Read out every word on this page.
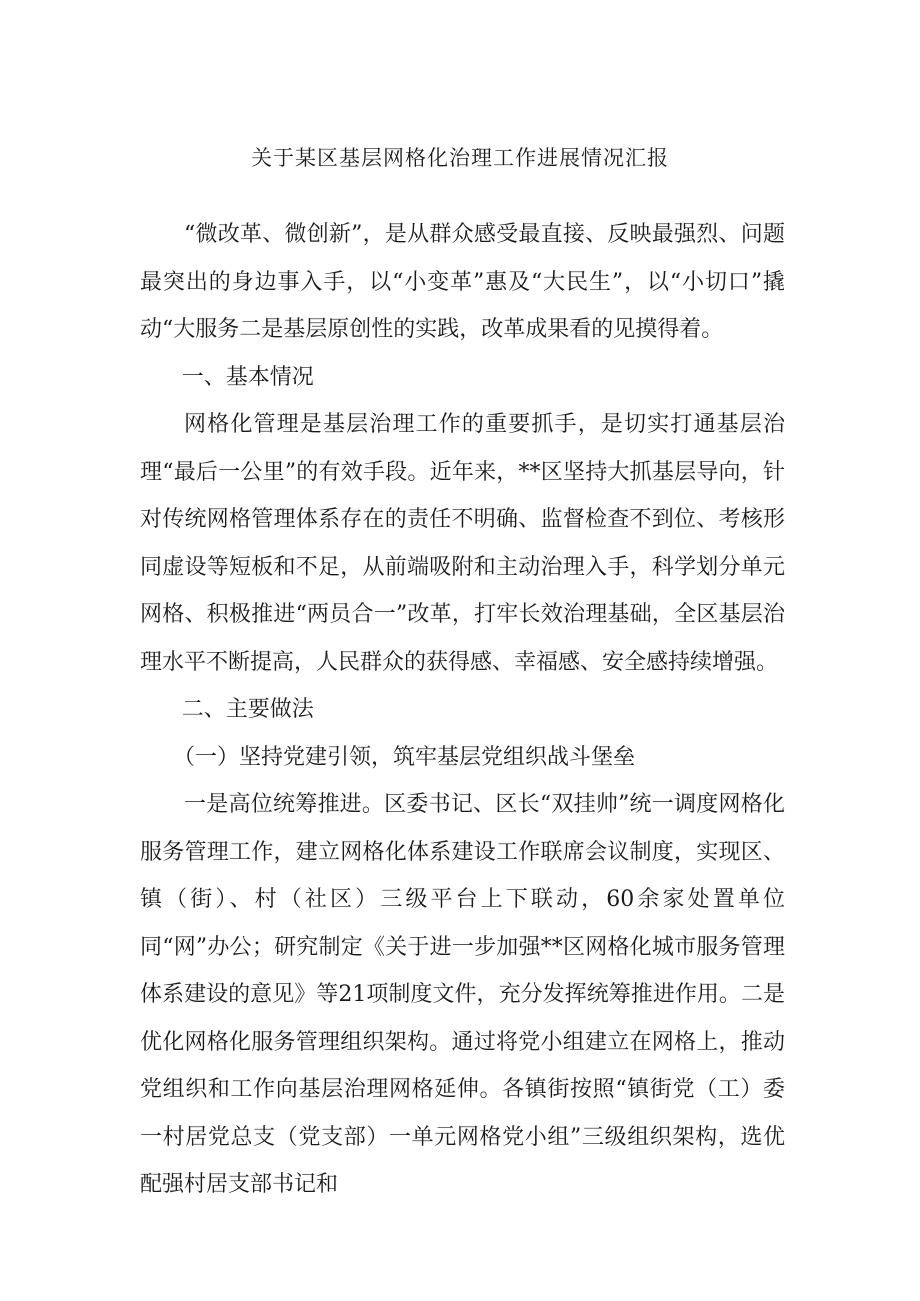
关于某区基层网格化治理工作进展情况汇报

“微改革、微创新”，是从群众感受最直接、反映最强烈、问题最突出的身边事入手，以“小变革”惠及“大民生”，以“小切口”撬动“大服务二是基层原创性的实践，改革成果看的见摸得着。

一、基本情况

网格化管理是基层治理工作的重要抓手，是切实打通基层治理“最后一公里”的有效手段。近年来，**区坚持大抓基层导向，针对传统网格管理体系存在的责任不明确、监督检查不到位、考核形同虚设等短板和不足，从前端吸附和主动治理入手，科学划分单元网格、积极推进“两员合一”改革，打牢长效治理基础，全区基层治理水平不断提高，人民群众的获得感、幸福感、安全感持续增强。

二、主要做法

（一）坚持党建引领，筑牢基层党组织战斗堡垒

一是高位统筹推进。区委书记、区长“双挂帅”统一调度网格化服务管理工作，建立网格化体系建设工作联席会议制度，实现区、镇（街）、村（社区）三级平台上下联动，60余家处置单位同“网”办公；研究制定《关于进一步加强**区网格化城市服务管理体系建设的意见》等21项制度文件，充分发挥统筹推进作用。二是优化网格化服务管理组织架构。通过将党小组建立在网格上，推动党组织和工作向基层治理网格延伸。各镇街按照“镇街党（工）委一村居党总支（党支部）一单元网格党小组”三级组织架构，选优配强村居支部书记和
